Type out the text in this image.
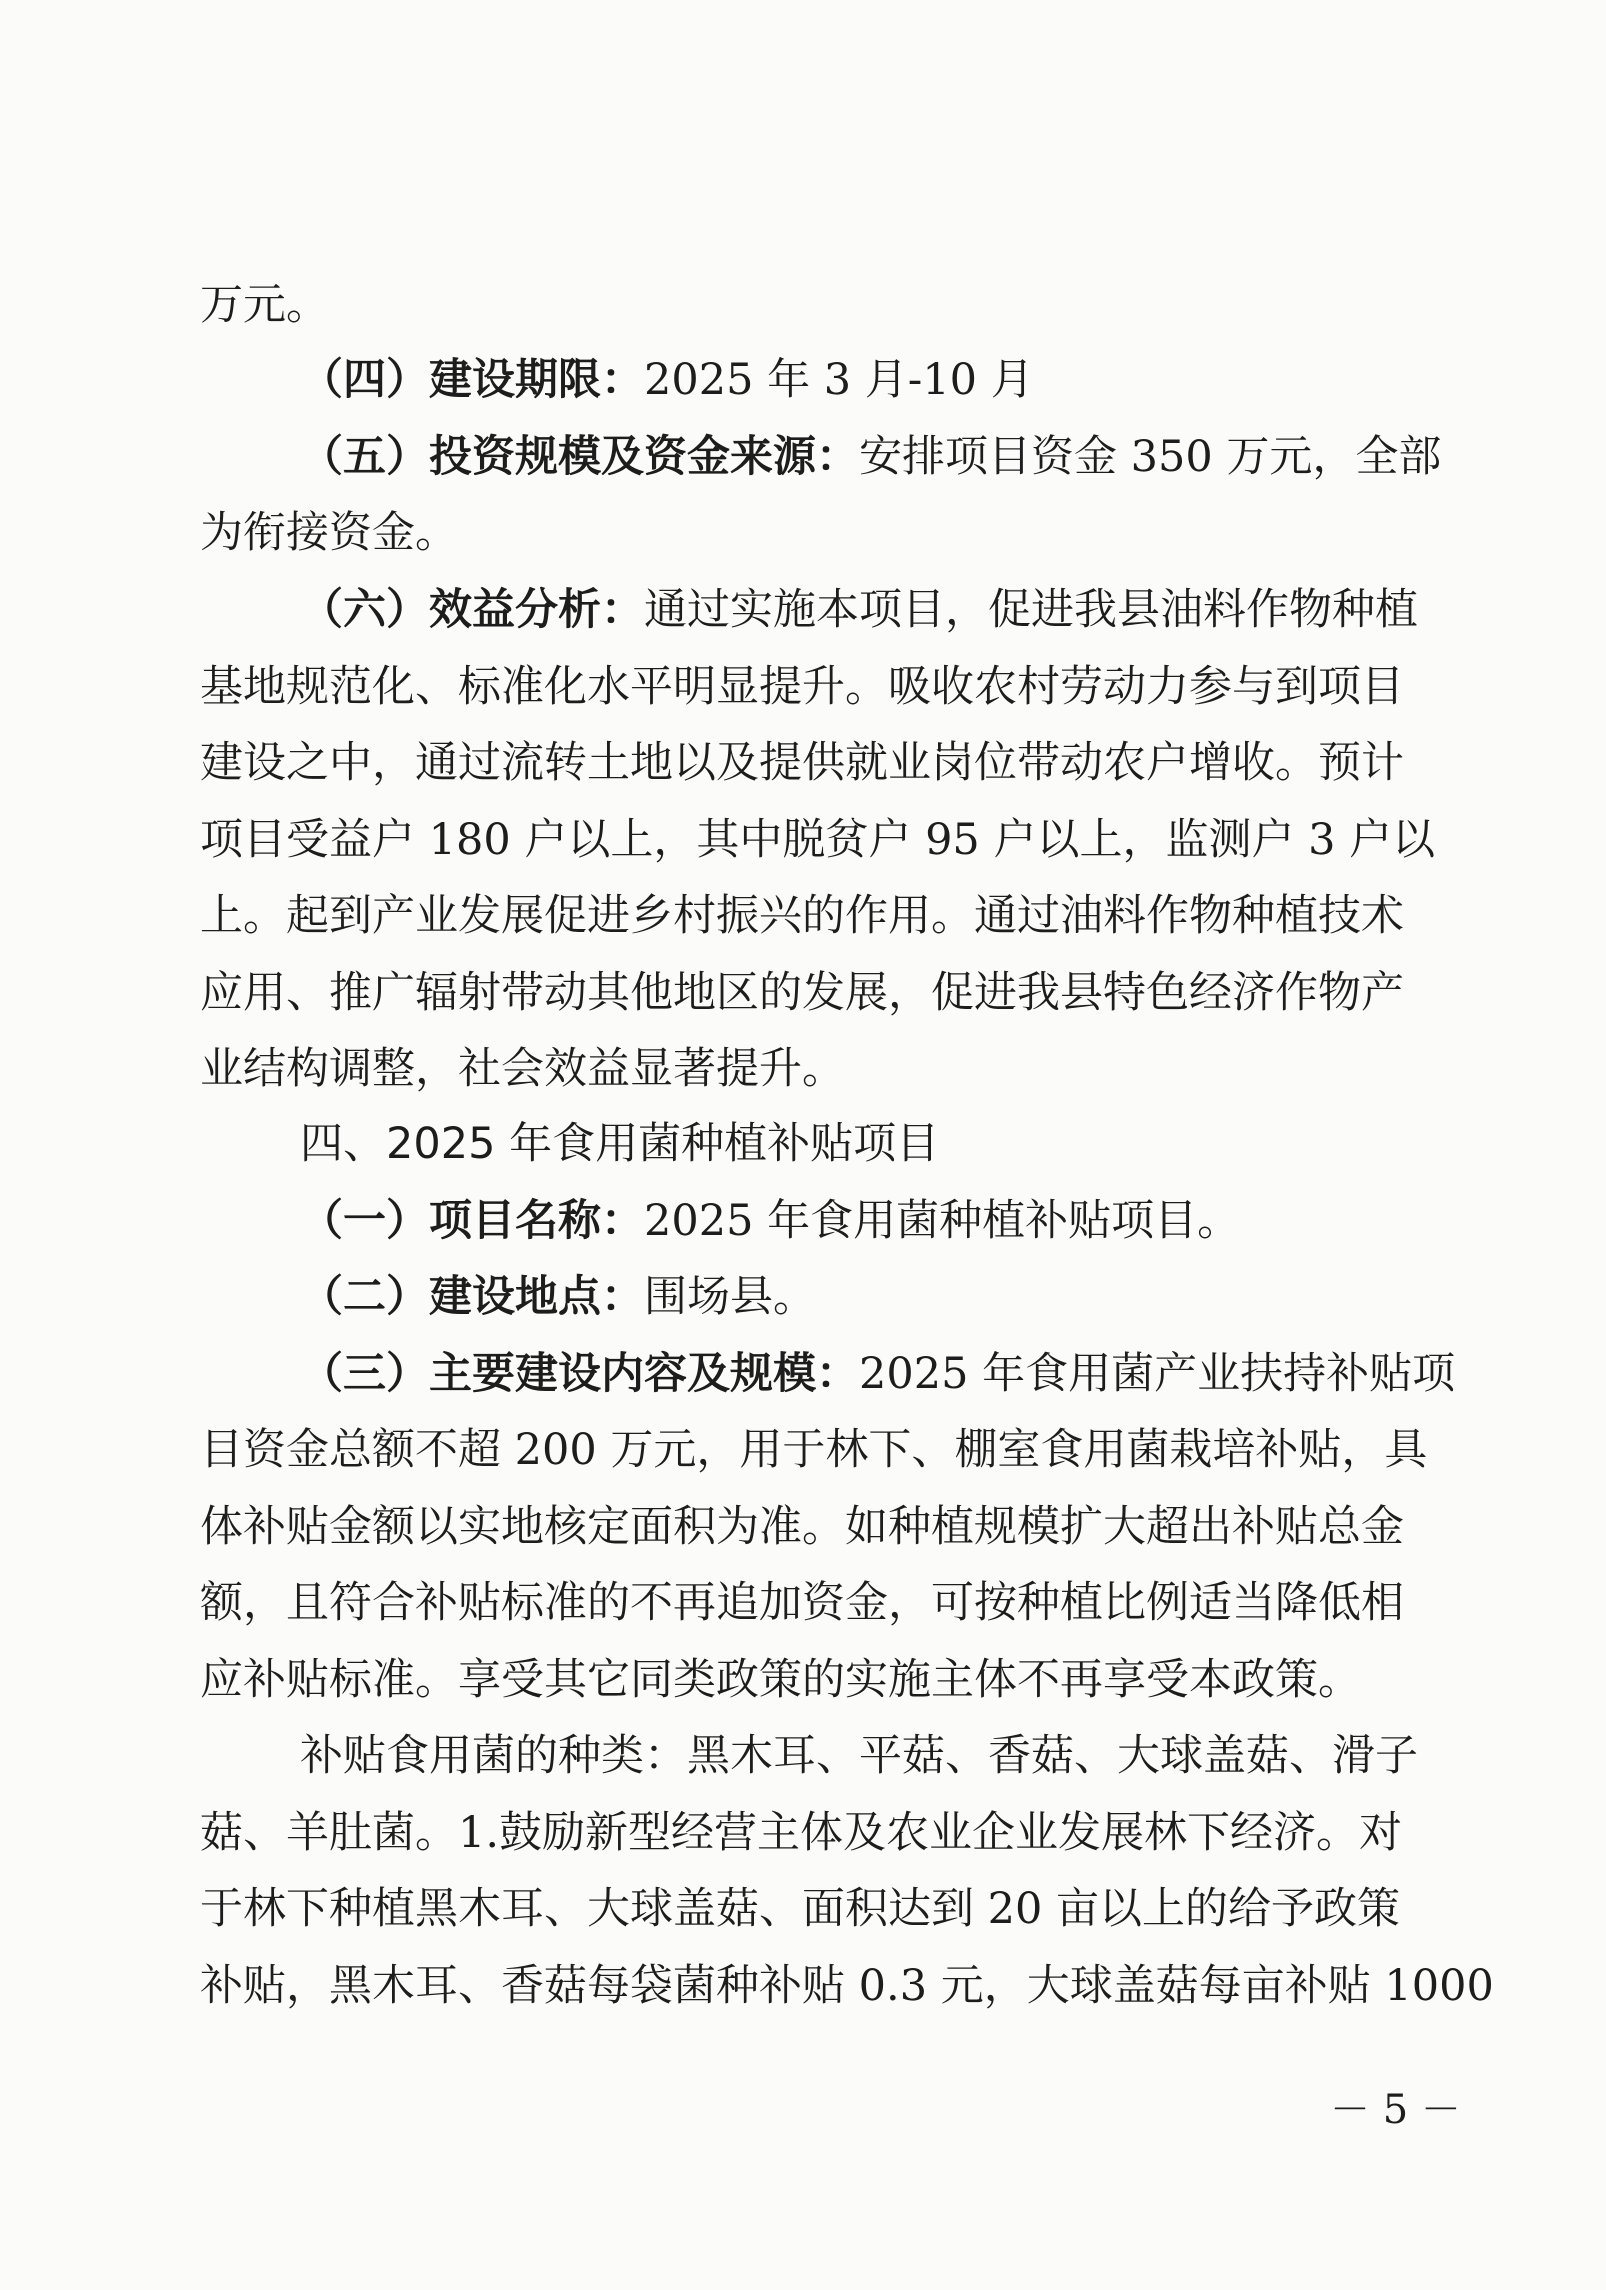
万元。
（四）建设期限：2025 年 3 月-10 月
（五）投资规模及资金来源：安排项目资金 350 万元，全部
为衔接资金。
（六）效益分析：通过实施本项目，促进我县油料作物种植
基地规范化、标准化水平明显提升。吸收农村劳动力参与到项目
建设之中，通过流转土地以及提供就业岗位带动农户增收。预计
项目受益户 180 户以上，其中脱贫户 95 户以上，监测户 3 户以
上。起到产业发展促进乡村振兴的作用。通过油料作物种植技术
应用、推广辐射带动其他地区的发展，促进我县特色经济作物产
业结构调整，社会效益显著提升。
四、2025 年食用菌种植补贴项目
（一）项目名称：2025 年食用菌种植补贴项目。
（二）建设地点：围场县。
（三）主要建设内容及规模：2025 年食用菌产业扶持补贴项
目资金总额不超 200 万元，用于林下、棚室食用菌栽培补贴，具
体补贴金额以实地核定面积为准。如种植规模扩大超出补贴总金
额，且符合补贴标准的不再追加资金，可按种植比例适当降低相
应补贴标准。享受其它同类政策的实施主体不再享受本政策。
补贴食用菌的种类：黑木耳、平菇、香菇、大球盖菇、滑子
菇、羊肚菌。1.鼓励新型经营主体及农业企业发展林下经济。对
于林下种植黑木耳、大球盖菇、面积达到 20 亩以上的给予政策
补贴，黑木耳、香菇每袋菌种补贴 0.3 元，大球盖菇每亩补贴 1000
－ 5 －
